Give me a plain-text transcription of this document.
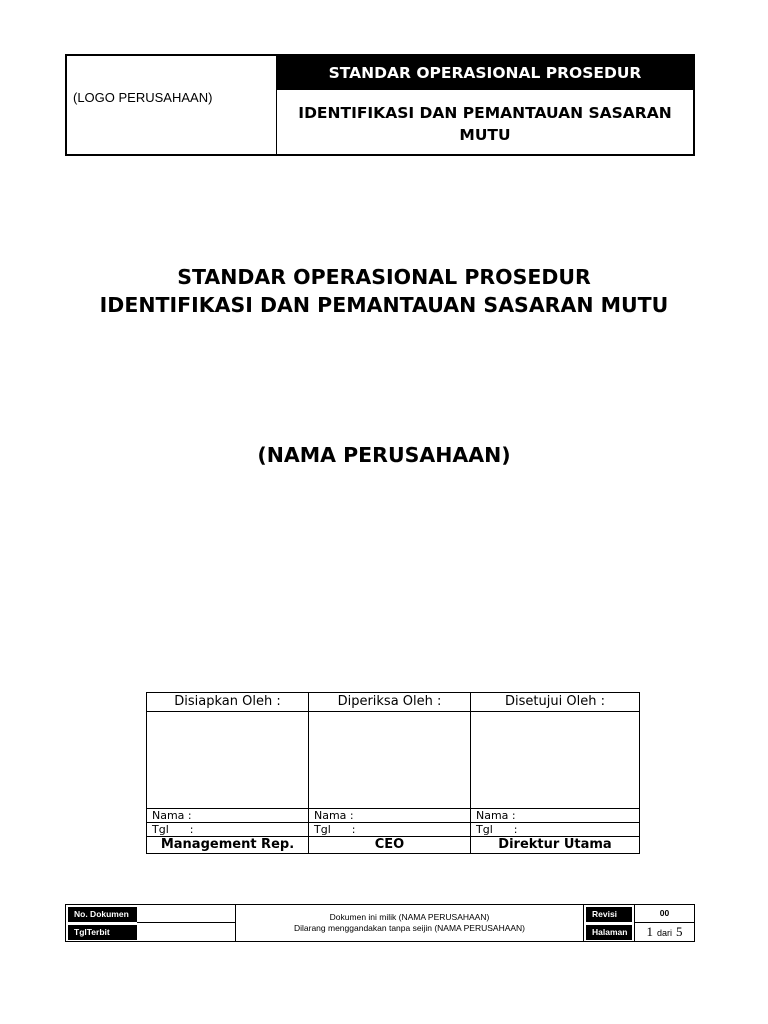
(LOGO PERUSAHAAN)
STANDAR OPERASIONAL PROSEDUR
IDENTIFIKASI DAN PEMANTAUAN SASARAN
MUTU
STANDAR OPERASIONAL PROSEDUR
IDENTIFIKASI DAN PEMANTAUAN SASARAN MUTU
(NAMA PERUSAHAAN)
Disiapkan Oleh :
Nama :
Tgl      :
Management Rep.
Diperiksa Oleh :
Nama :
Tgl      :
CEO
Disetujui Oleh :
Nama :
Tgl      :
Direktur Utama
No. Dokumen
TglTerbit
Dokumen ini milik (NAMA PERUSAHAAN)
Dilarang menggandakan tanpa seijin (NAMA PERUSAHAAN)
Revisi	00
Halaman	1 dari 5
